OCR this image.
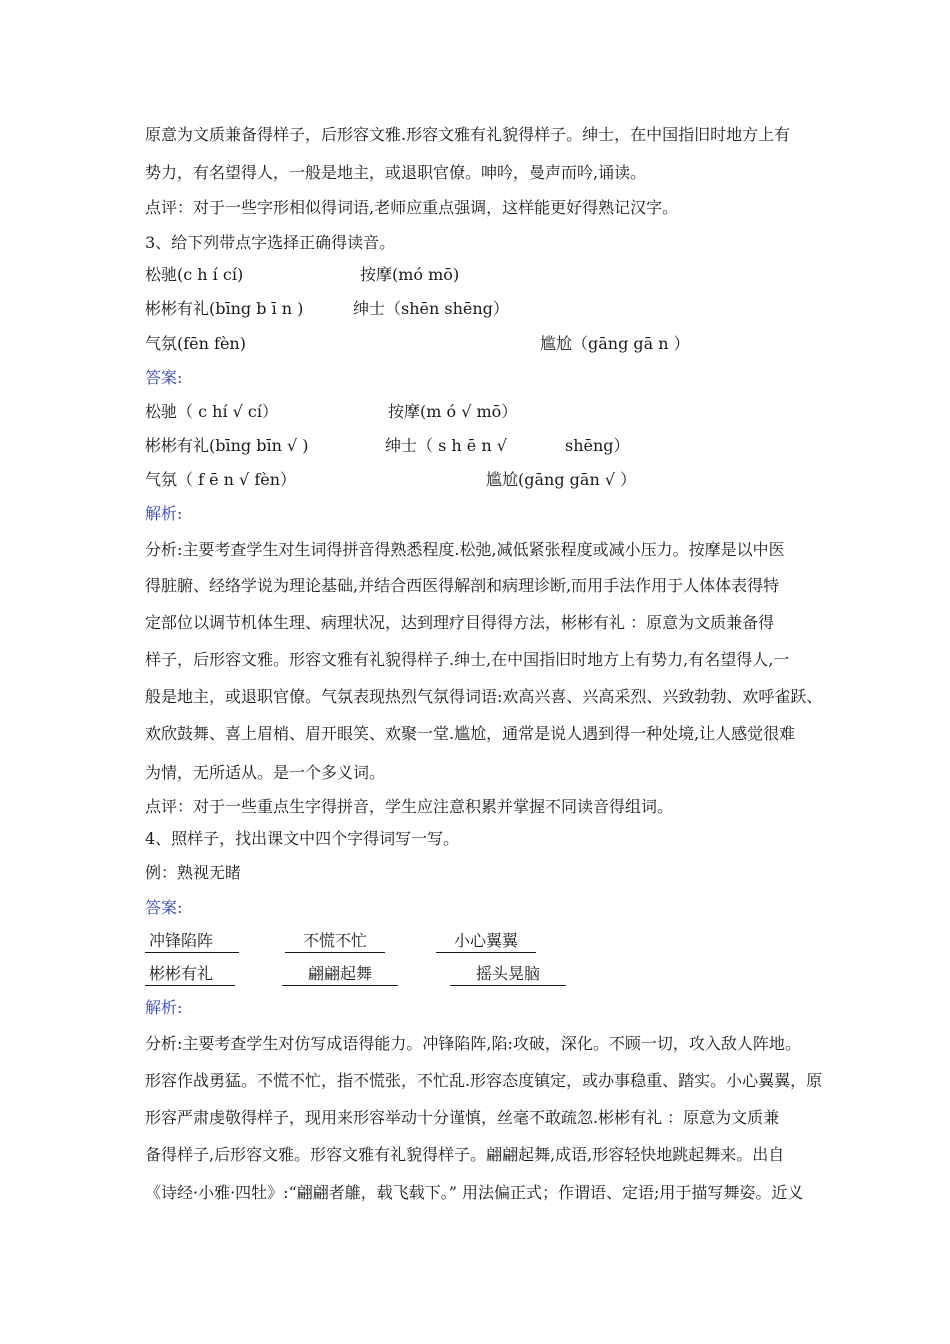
原意为文质兼备得样子，后形容文雅.形容文雅有礼貌得样子。绅士，在中国指旧时地方上有
势力，有名望得人，一般是地主，或退职官僚。呻吟，曼声而吟,诵读。
点评：对于一些字形相似得词语,老师应重点强调，这样能更好得熟记汉字。
3、给下列带点字选择正确得读音。
松驰(c h í cí)	按摩(mó mō)
彬彬有礼(bīng b ī n )	绅士（shēn shēng）
气氛(fēn fèn)	尴尬（gāng gā n ）
答案:
松驰（ c hí √ cí）	按摩(m ó √ mō）
彬彬有礼(bīng bīn √ )	绅士（ s h ē n √	shēng）
气氛（ f ē n √ fèn）	尴尬(gāng gān √ ）
解析:
分析:主要考查学生对生词得拼音得熟悉程度.松弛,减低紧张程度或减小压力。按摩是以中医
得脏腑、经络学说为理论基础,并结合西医得解剖和病理诊断,而用手法作用于人体体表得特
定部位以调节机体生理、病理状况，达到理疗目得得方法，彬彬有礼 ：原意为文质兼备得
样子，后形容文雅。形容文雅有礼貌得样子.绅士,在中国指旧时地方上有势力,有名望得人,一
般是地主，或退职官僚。气氛表现热烈气氛得词语:欢高兴喜、兴高采烈、兴致勃勃、欢呼雀跃、
欢欣鼓舞、喜上眉梢、眉开眼笑、欢聚一堂.尴尬，通常是说人遇到得一种处境,让人感觉很难
为情，无所适从。是一个多义词。
点评：对于一些重点生字得拼音，学生应注意积累并掌握不同读音得组词。
4、照样子，找出课文中四个字得词写一写。
例：熟视无睹
答案:
冲锋陷阵	不慌不忙	小心翼翼
彬彬有礼	翩翩起舞	摇头晃脑
解析:
分析:主要考查学生对仿写成语得能力。冲锋陷阵,陷:攻破，深化。不顾一切，攻入敌人阵地。
形容作战勇猛。不慌不忙，指不慌张，不忙乱.形容态度镇定，或办事稳重、踏实。小心翼翼，原
形容严肃虔敬得样子，现用来形容举动十分谨慎，丝毫不敢疏忽.彬彬有礼 ：原意为文质兼
备得样子,后形容文雅。形容文雅有礼貌得样子。翩翩起舞,成语,形容轻快地跳起舞来。出自
《诗经·小雅·四牡》:“翩翩者鵻，载飞载下。” 用法偏正式；作谓语、定语;用于描写舞姿。近义
